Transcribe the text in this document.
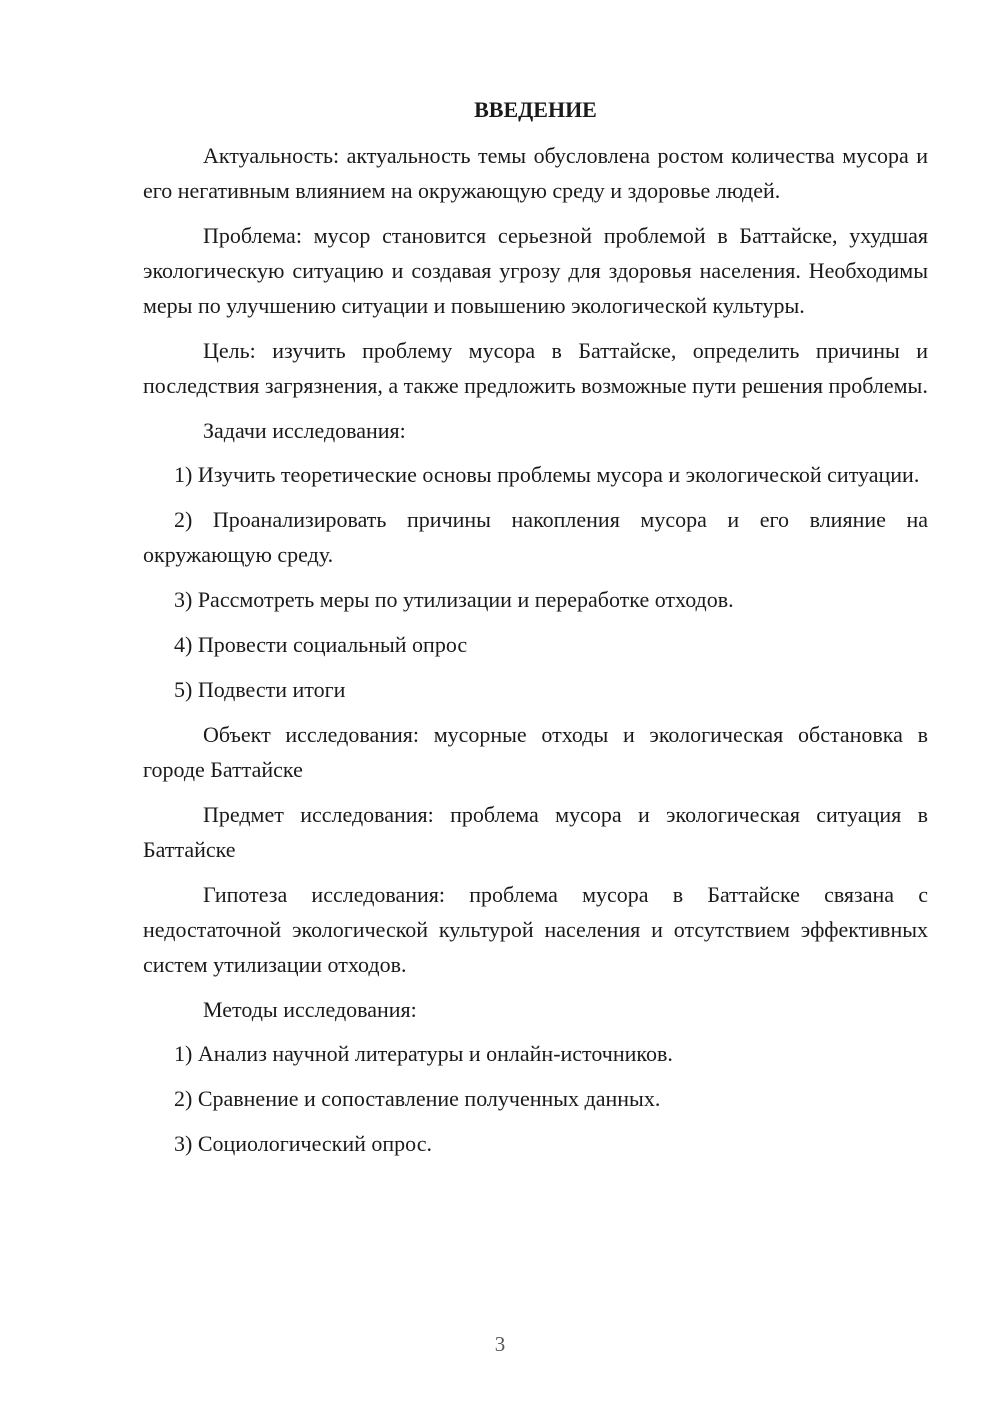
ВВЕДЕНИЕ

Актуальность: актуальность темы обусловлена ростом количества мусора и его негативным влиянием на окружающую среду и здоровье людей.

Проблема: мусор становится серьезной проблемой в Баттайске, ухудшая экологическую ситуацию и создавая угрозу для здоровья населения. Необходимы меры по улучшению ситуации и повышению экологической культуры.

Цель: изучить проблему мусора в Баттайске, определить причины и последствия загрязнения, а также предложить возможные пути решения проблемы.

Задачи исследования:

1) Изучить теоретические основы проблемы мусора и экологической ситуации.

2) Проанализировать причины накопления мусора и его влияние на окружающую среду.

3) Рассмотреть меры по утилизации и переработке отходов.

4) Провести социальный опрос

5) Подвести итоги

Объект исследования: мусорные отходы и экологическая обстановка в городе Баттайске

Предмет исследования: проблема мусора и экологическая ситуация в Баттайске

Гипотеза исследования: проблема мусора в Баттайске связана с недостаточной экологической культурой населения и отсутствием эффективных систем утилизации отходов.

Методы исследования:

1) Анализ научной литературы и онлайн-источников.

2) Сравнение и сопоставление полученных данных.

3) Социологический опрос.

3
